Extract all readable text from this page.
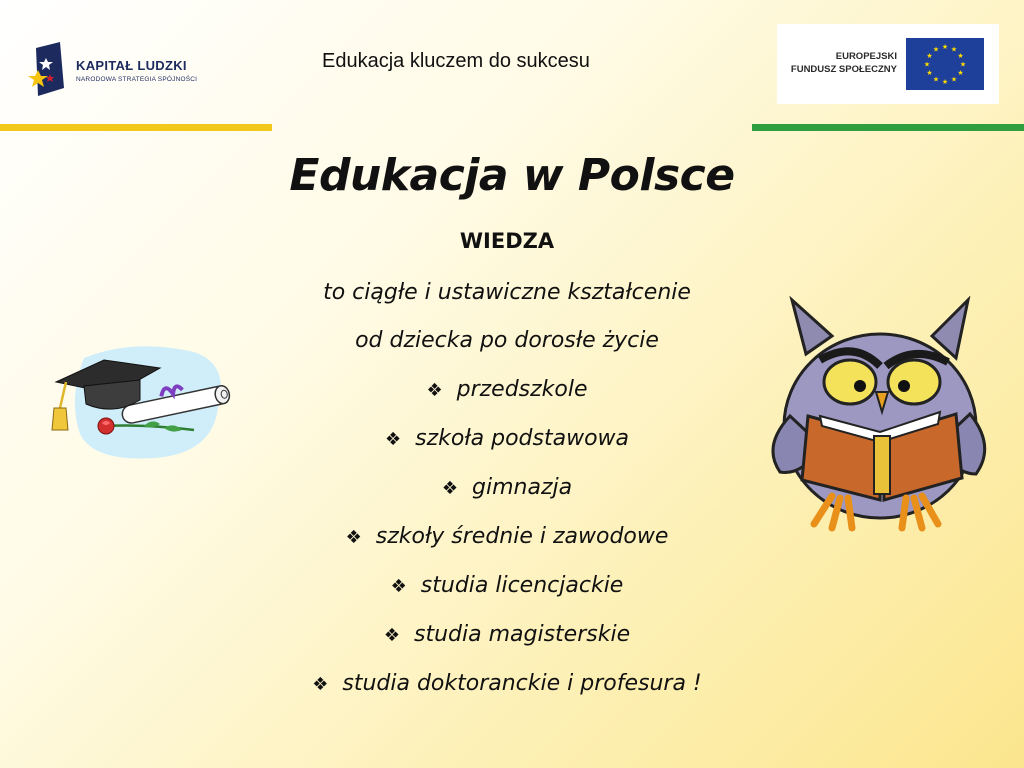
KAPITAŁ LUDZKI
NARODOWA STRATEGIA SPÓJNOŚCI
Edukacja kluczem do sukcesu	EUROPEJSKI
FUNDUSZ SPOŁECZNY
★ ★
★
★
★
★
★
★
★
★
★
★
Edukacja w Polsce
WIEDZA
to ciągłe i ustawiczne kształcenie
od dziecka po dorosłe życie
❖ przedszkole
❖ szkoła podstawowa
❖ gimnazja
❖ szkoły średnie i zawodowe
❖ studia licencjackie
❖ studia magisterskie
❖ studia doktoranckie i profesura !
